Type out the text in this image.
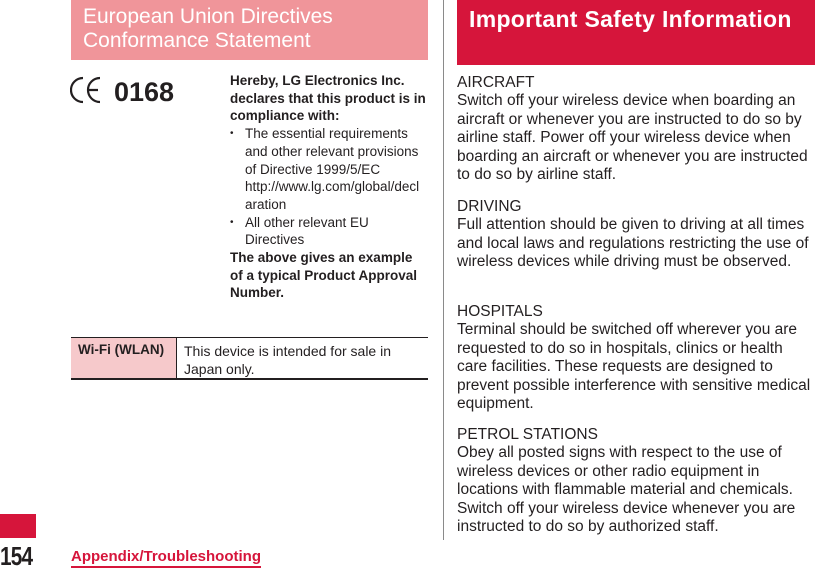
European Union Directives Conformance Statement
0168	Hereby, LG Electronics Inc. declares that this product is in compliance with:
• The essential requirements and other relevant provisions of Directive 1999/5/EC http://www.lg.com/global/declaration
• All other relevant EU Directives
The above gives an example of a typical Product Approval Number.
Wi-Fi (WLAN)	This device is intended for sale in Japan only.
Important Safety Information
AIRCRAFT
Switch off your wireless device when boarding an aircraft or whenever you are instructed to do so by airline staff. Power off your wireless device when boarding an aircraft or whenever you are instructed to do so by airline staff.
DRIVING
Full attention should be given to driving at all times and local laws and regulations restricting the use of wireless devices while driving must be observed.
HOSPITALS
Terminal should be switched off wherever you are requested to do so in hospitals, clinics or health care facilities. These requests are designed to prevent possible interference with sensitive medical equipment.
PETROL STATIONS
Obey all posted signs with respect to the use of wireless devices or other radio equipment in locations with flammable material and chemicals. Switch off your wireless device whenever you are instructed to do so by authorized staff.
154	Appendix/Troubleshooting
